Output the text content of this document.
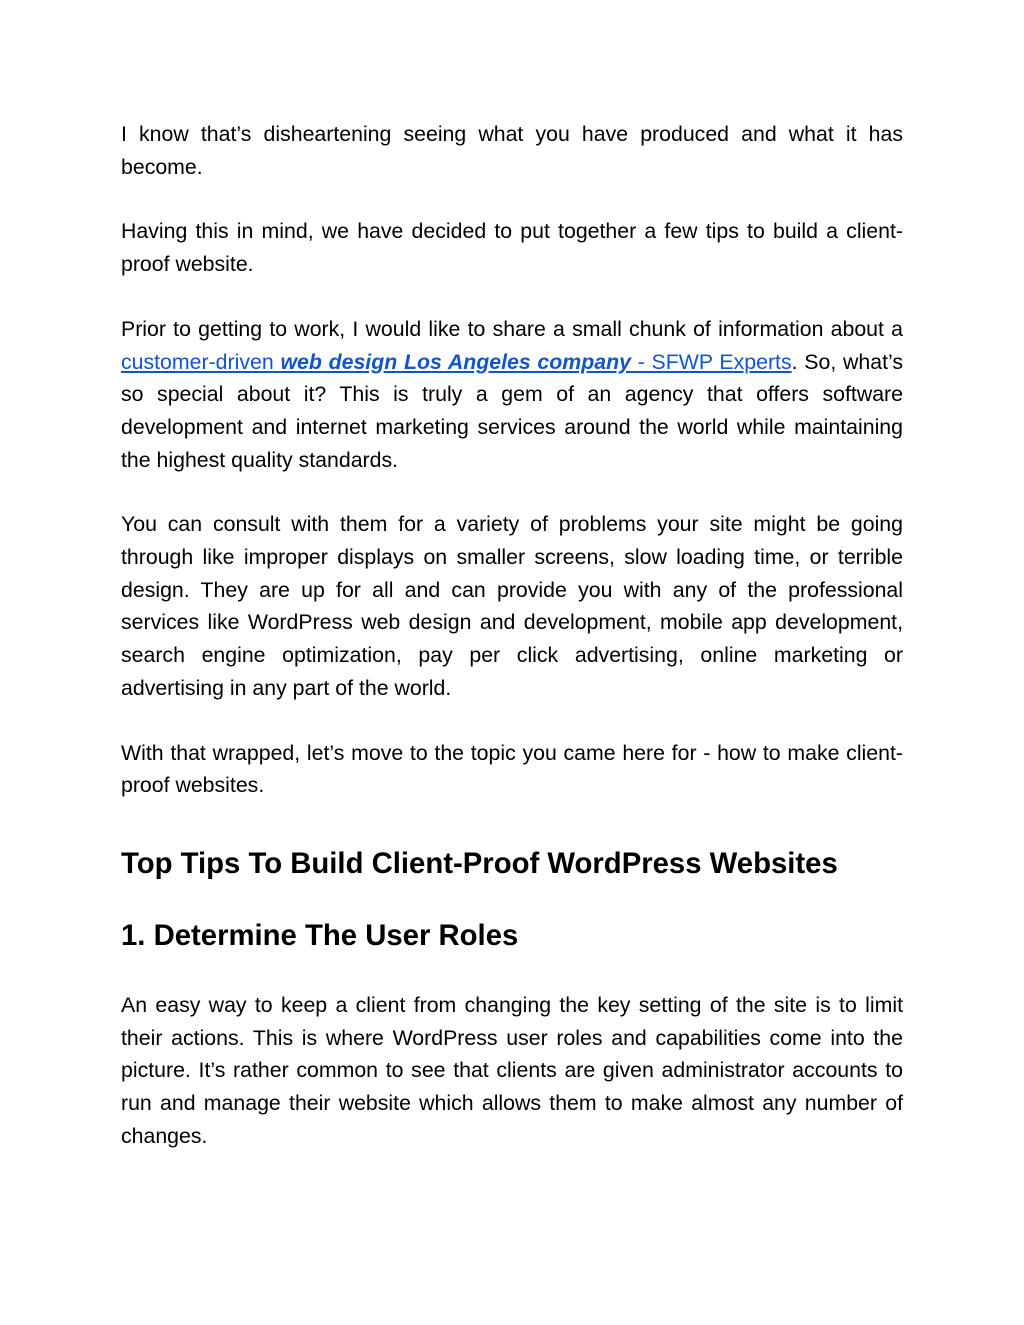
I know that’s disheartening seeing what you have produced and what it has become.

Having this in mind, we have decided to put together a few tips to build a client-proof website.

Prior to getting to work, I would like to share a small chunk of information about a customer-driven web design Los Angeles company - SFWP Experts. So, what’s so special about it? This is truly a gem of an agency that offers software development and internet marketing services around the world while maintaining the highest quality standards.

You can consult with them for a variety of problems your site might be going through like improper displays on smaller screens, slow loading time, or terrible design. They are up for all and can provide you with any of the professional services like WordPress web design and development, mobile app development, search engine optimization, pay per click advertising, online marketing or advertising in any part of the world.

With that wrapped, let’s move to the topic you came here for - how to make client-proof websites.

Top Tips To Build Client-Proof WordPress Websites
1. Determine The User Roles

An easy way to keep a client from changing the key setting of the site is to limit their actions. This is where WordPress user roles and capabilities come into the picture. It’s rather common to see that clients are given administrator accounts to run and manage their website which allows them to make almost any number of changes.
